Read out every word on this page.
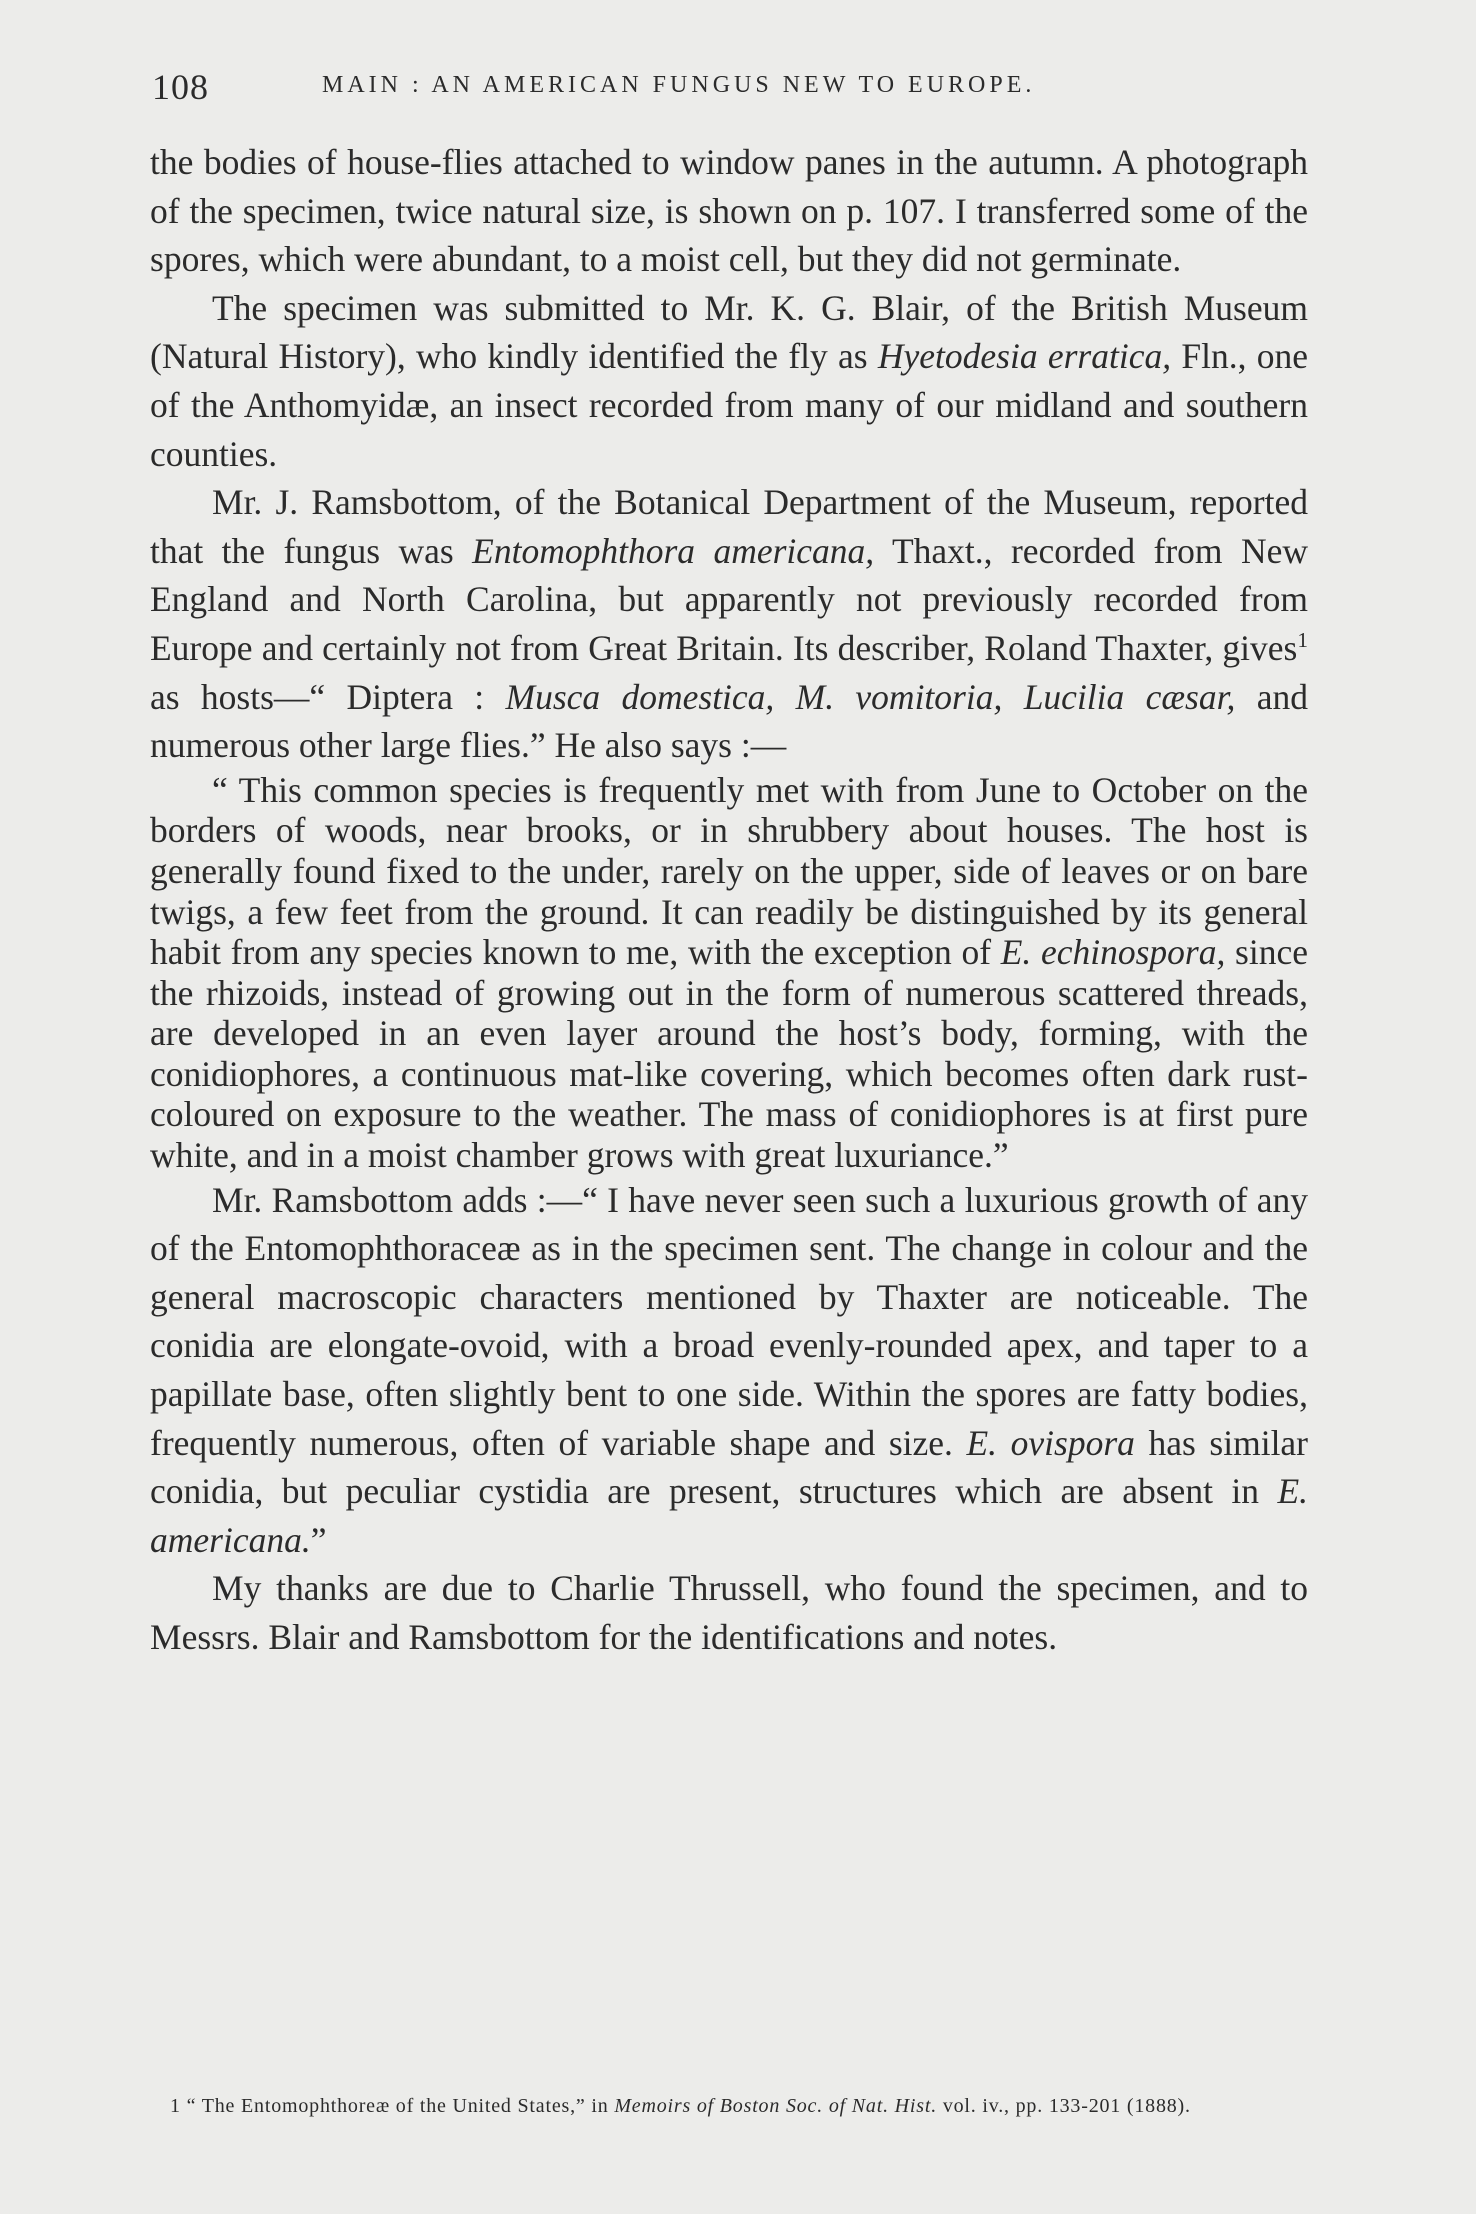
108	MAIN : AN AMERICAN FUNGUS NEW TO EUROPE.

the bodies of house-flies attached to window panes in the autumn. A photograph of the specimen, twice natural size, is shown on p. 107. I transferred some of the spores, which were abundant, to a moist cell, but they did not germinate.

The specimen was submitted to Mr. K. G. Blair, of the British Museum (Natural History), who kindly identified the fly as Hyetodesia erratica, Fln., one of the Anthomyidæ, an insect recorded from many of our midland and southern counties.

Mr. J. Ramsbottom, of the Botanical Department of the Museum, reported that the fungus was Entomophthora americana, Thaxt., recorded from New England and North Carolina, but apparently not previously recorded from Europe and certainly not from Great Britain. Its describer, Roland Thaxter, gives$^1$ as hosts—“ Diptera : Musca domestica, M. vomitoria, Lucilia cæsar, and numerous other large flies.” He also says :—

“ This common species is frequently met with from June to October on the borders of woods, near brooks, or in shrubbery about houses. The host is generally found fixed to the under, rarely on the upper, side of leaves or on bare twigs, a few feet from the ground. It can readily be distinguished by its general habit from any species known to me, with the exception of E. echinospora, since the rhizoids, instead of growing out in the form of numerous scattered threads, are developed in an even layer around the host’s body, forming, with the conidiophores, a continuous mat-like covering, which becomes often dark rust-coloured on exposure to the weather. The mass of conidiophores is at first pure white, and in a moist chamber grows with great luxuriance.”

Mr. Ramsbottom adds :—“ I have never seen such a luxurious growth of any of the Entomophthoraceæ as in the specimen sent. The change in colour and the general macroscopic characters mentioned by Thaxter are noticeable. The conidia are elongate-ovoid, with a broad evenly-rounded apex, and taper to a papillate base, often slightly bent to one side. Within the spores are fatty bodies, frequently numerous, often of variable shape and size. E. ovispora has similar conidia, but peculiar cystidia are present, structures which are absent in E. americana.”

My thanks are due to Charlie Thrussell, who found the specimen, and to Messrs. Blair and Ramsbottom for the identifications and notes.

1 “ The Entomophthoreæ of the United States,” in Memoirs of Boston Soc. of Nat. Hist. vol. iv., pp. 133-201 (1888).
